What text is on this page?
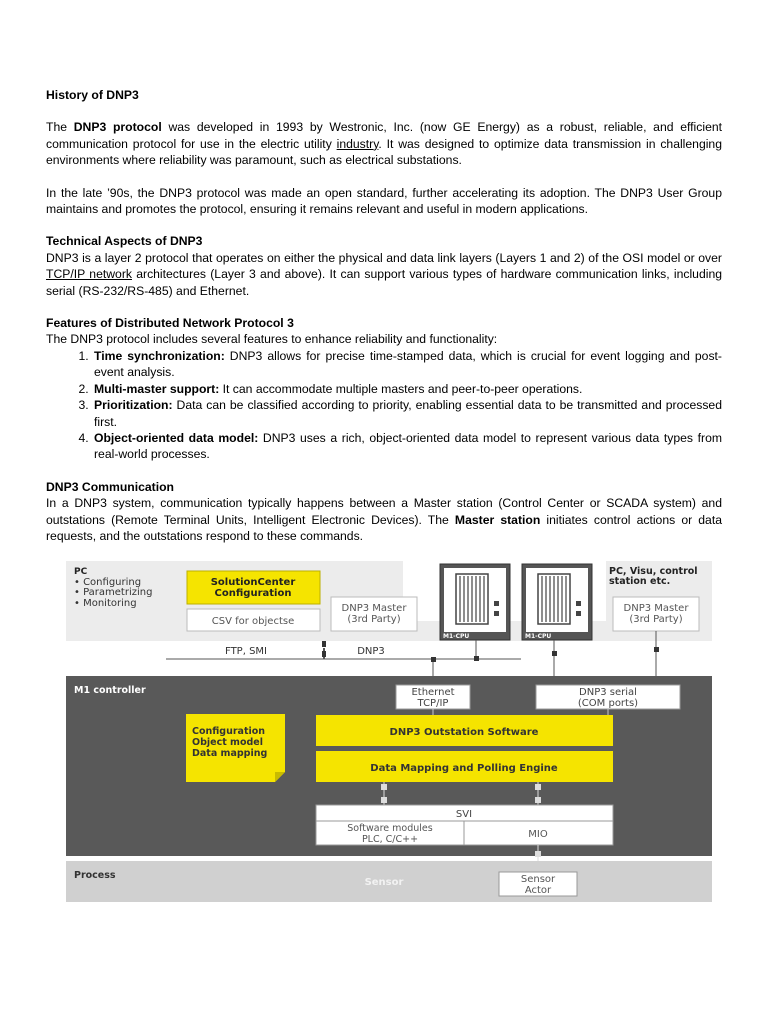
History of DNP3

The DNP3 protocol was developed in 1993 by Westronic, Inc. (now GE Energy) as a robust, reliable, and efficient communication protocol for use in the electric utility industry. It was designed to optimize data transmission in challenging environments where reliability was paramount, such as electrical substations.

In the late ’90s, the DNP3 protocol was made an open standard, further accelerating its adoption. The DNP3 User Group maintains and promotes the protocol, ensuring it remains relevant and useful in modern applications.

Technical Aspects of DNP3

DNP3 is a layer 2 protocol that operates on either the physical and data link layers (Layers 1 and 2) of the OSI model or over TCP/IP network architectures (Layer 3 and above). It can support various types of hardware communication links, including serial (RS-232/RS-485) and Ethernet.

Features of Distributed Network Protocol 3

The DNP3 protocol includes several features to enhance reliability and functionality:

1. Time synchronization: DNP3 allows for precise time-stamped data, which is crucial for event logging and post-event analysis.
2. Multi-master support: It can accommodate multiple masters and peer-to-peer operations.
3. Prioritization: Data can be classified according to priority, enabling essential data to be transmitted and processed first.
4. Object-oriented data model: DNP3 uses a rich, object-oriented data model to represent various data types from real-world processes.

DNP3 Communication

In a DNP3 system, communication typically happens between a Master station (Control Center or SCADA system) and outstations (Remote Terminal Units, Intelligent Electronic Devices). The Master station initiates control actions or data requests, and the outstations respond to these commands.

PC
• Configuring
• Parametrizing
• Monitoring
SolutionCenter
Configuration
CSV for objectse
DNP3 Master
(3rd Party)
M1-CPU	M1-CPU
PC, Visu, control
station etc.
DNP3 Master
(3rd Party)
FTP, SMI	DNP3
M1 controller	Ethernet
TCP/IP
DNP3 serial
(COM ports)
Configuration
Object model
Data mapping
DNP3 Outstation Software
Data Mapping and Polling Engine
SVI
Software modules
PLC, C/C++	MIO
Process
Sensor	Sensor
Actor
